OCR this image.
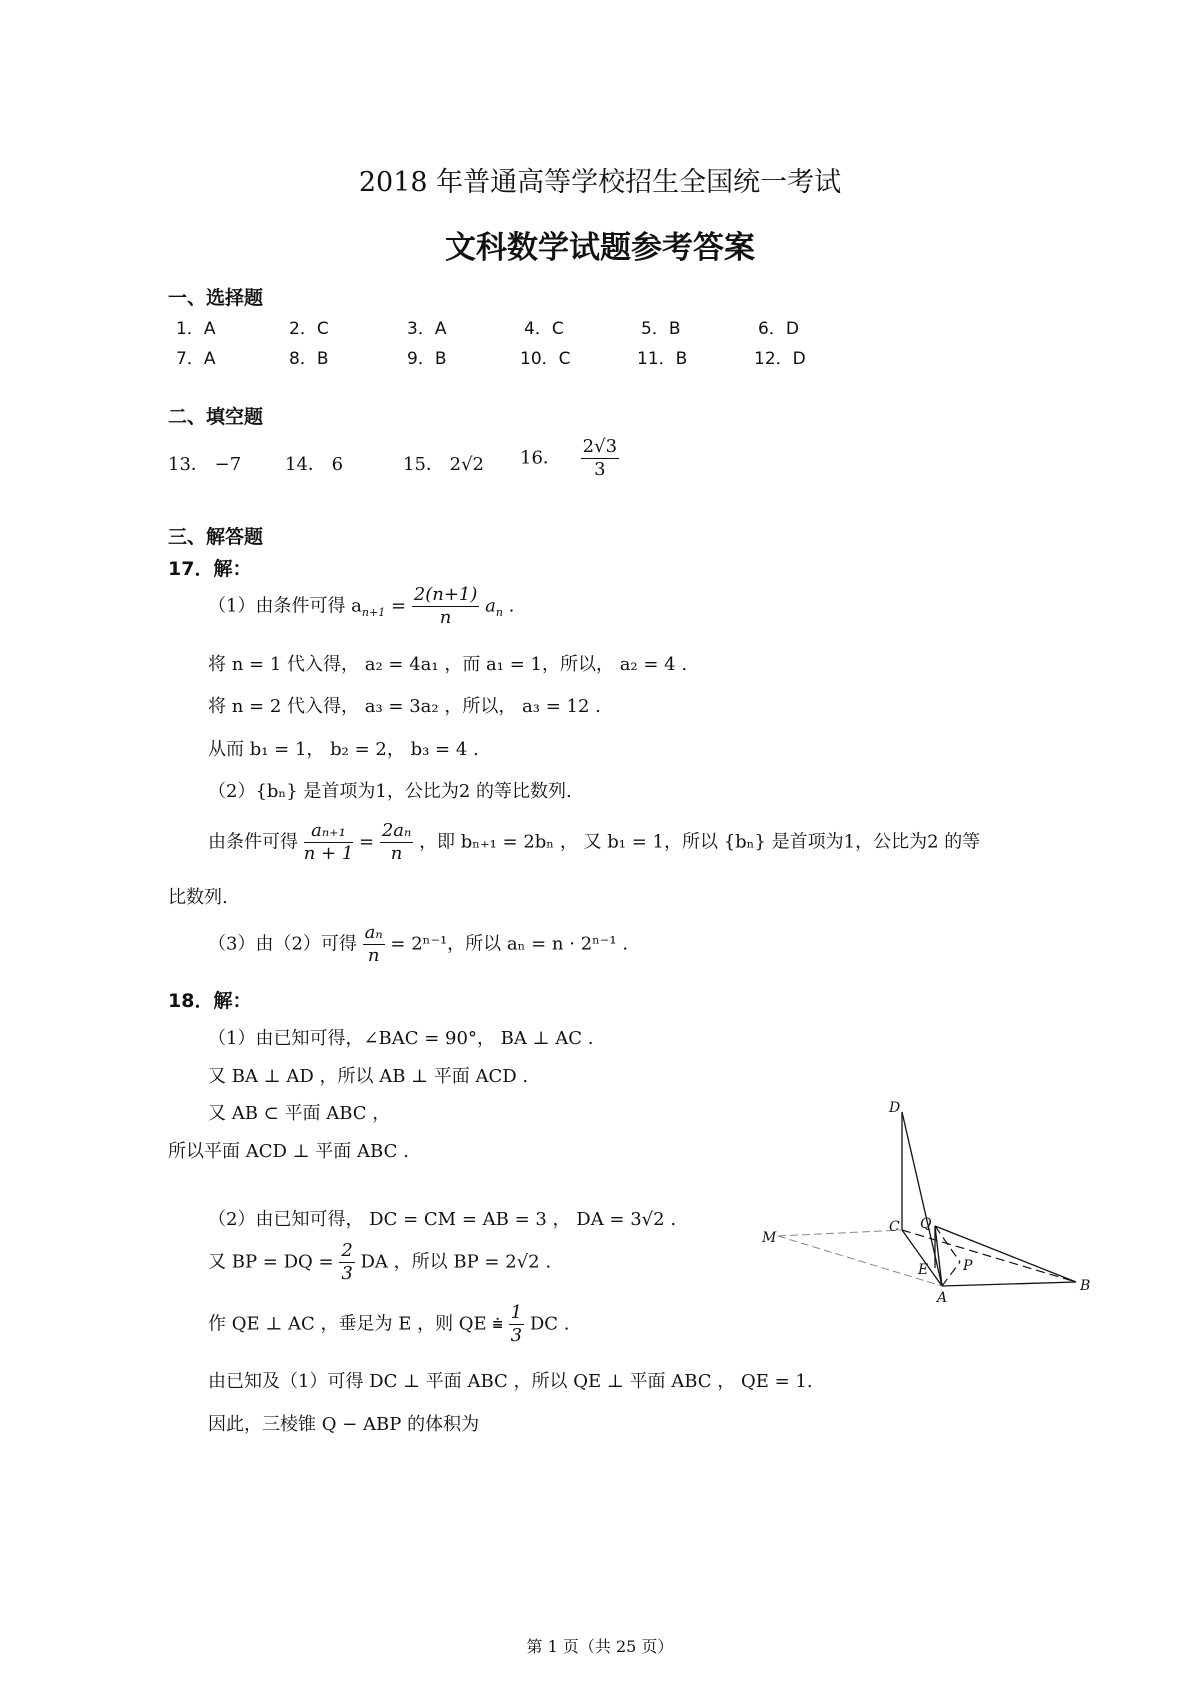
2018 年普通高等学校招生全国统一考试
文科数学试题参考答案
一、选择题
1．A	2．C	3．A	4．C	5．B	6．D
7．A	8．B	9．B	10．C	11．B	12．D
二、填空题
13． −7 14． 6	15． 2√2 16． $\frac{2√3}{3}$
三、解答题
17．解：
（1）由条件可得 $a_{n+1} = \frac{2(n+1)}{n} a_n$ .
将 n = 1 代入得， a₂ = 4a₁ ，而 a₁ = 1，所以， a₂ = 4 .
将 n = 2 代入得， a₃ = 3a₂ ，所以， a₃ = 12 .
从而 b₁ = 1， b₂ = 2， b₃ = 4 .
（2）{bₙ} 是首项为1，公比为2 的等比数列.
由条件可得 $\frac{\text{aₙ₊₁}}{n + 1} = \frac{\text{2aₙ}}{n}$ ，即 bₙ₊₁ = 2bₙ ， 又 b₁ = 1，所以 {bₙ} 是首项为1，公比为2 的等
比数列.
（3）由（2）可得 $\frac{\text{aₙ}}{n} = 2^{n-1}$，所以 aₙ = n · 2ⁿ⁻¹ .
18．解：
（1）由已知可得，∠BAC = 90°， BA ⊥ AC .
又 BA ⊥ AD ，所以 AB ⊥ 平面 ACD .
又 AB ⊂ 平面 ABC ，
所以平面 ACD ⊥ 平面 ABC .
（2）由已知可得， DC = CM = AB = 3 ， DA = 3√2 .
又 BP = DQ = $\frac{2}{3}$ DA ，所以 BP = 2√2 .
作 QE ⊥ AC ，垂足为 E ，则 QE ⩧ $\frac{1}{3}$ DC .
由已知及（1）可得 DC ⊥ 平面 ABC ，所以 QE ⊥ 平面 ABC ， QE = 1.
因此，三棱锥 Q − ABP 的体积为
D
C Q
M
E P
A
B
第 1 页（共 25 页）
